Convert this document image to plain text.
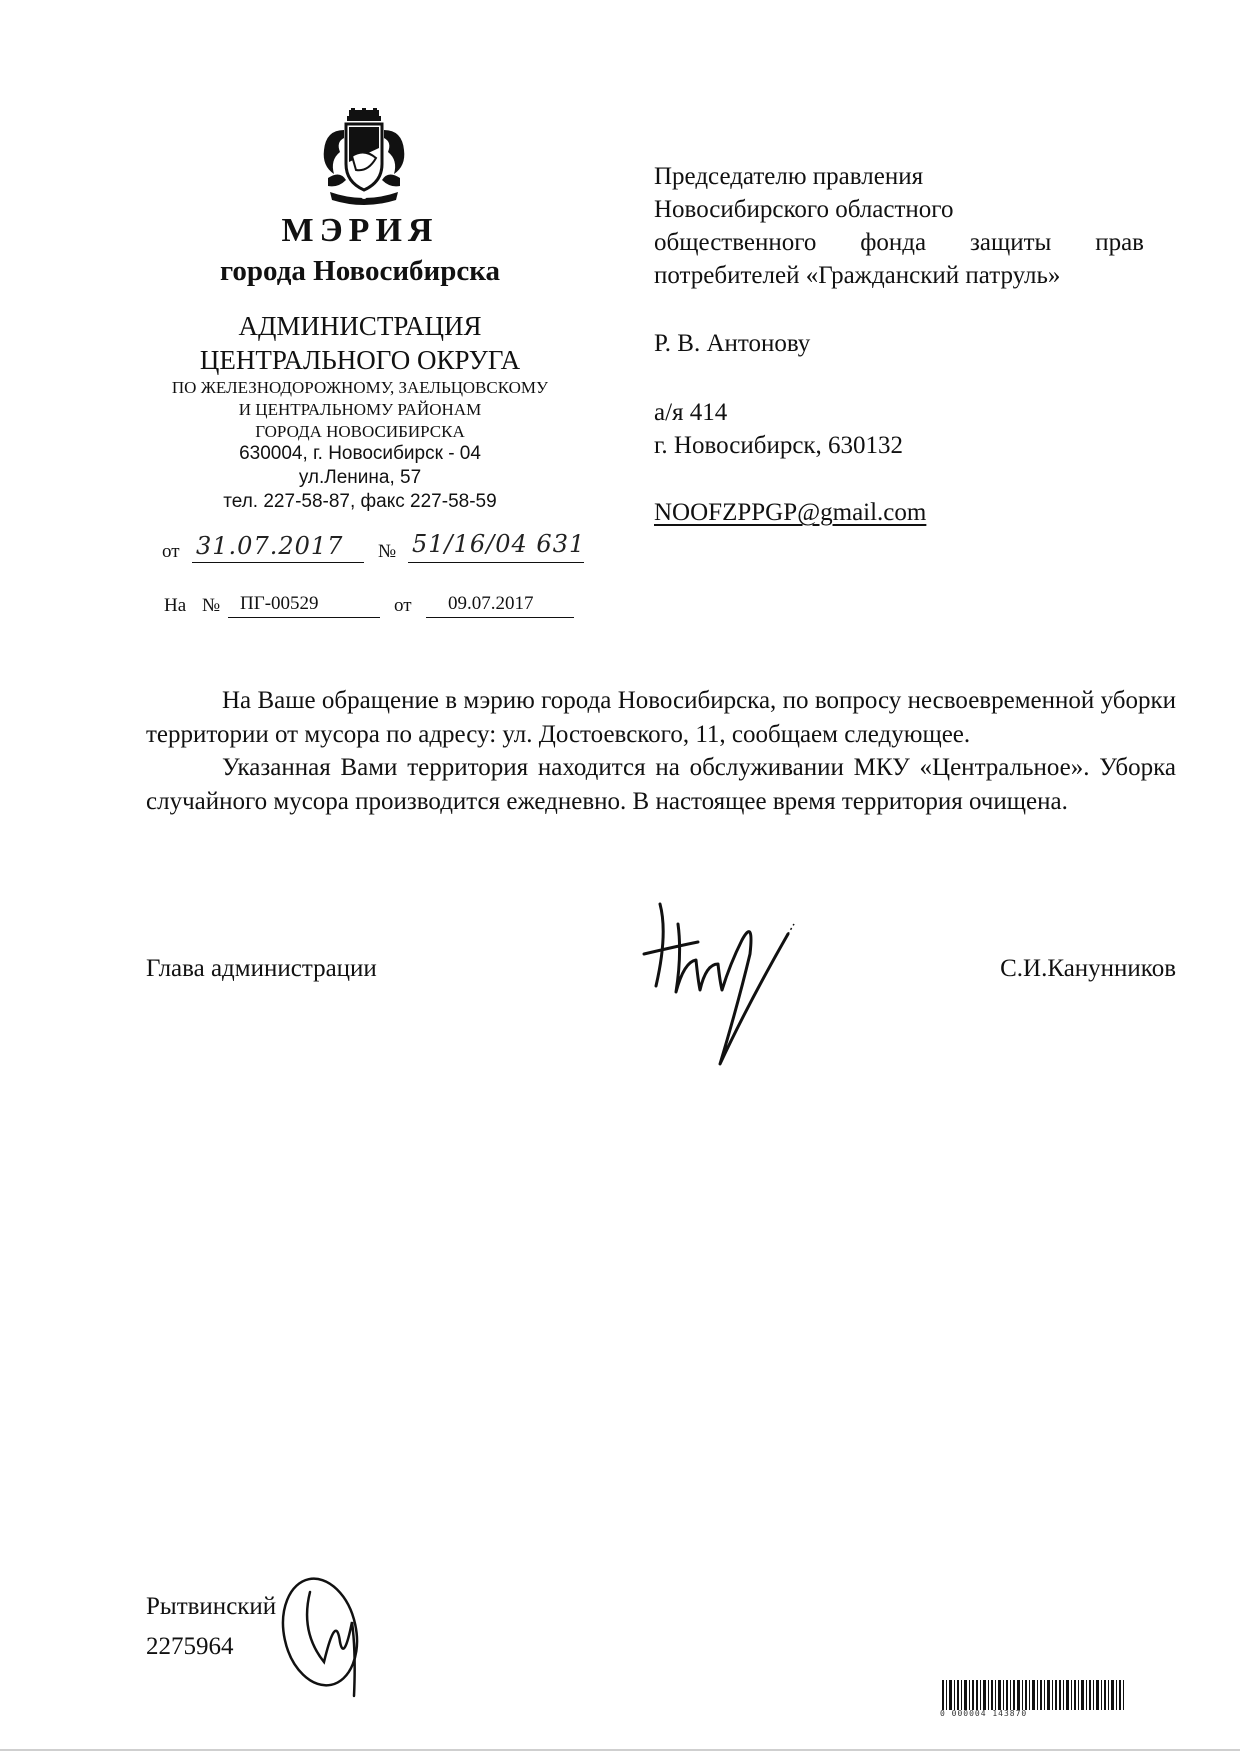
МЭРИЯ
города Новосибирска
АДМИНИСТРАЦИЯ
ЦЕНТРАЛЬНОГО ОКРУГА
ПО ЖЕЛЕЗНОДОРОЖНОМУ, ЗАЕЛЬЦОВСКОМУ
И ЦЕНТРАЛЬНОМУ РАЙОНАМ
ГОРОДА НОВОСИБИРСКА
630004, г. Новосибирск - 04
ул.Ленина, 57
тел. 227-58-87, факс 227-58-59
от 31.07.2017 № 51/16/04 631
На № ПГ-00529	от 09.07.2017
Председателю правления
Новосибирского областного
общественного фонда защиты прав
потребителей «Гражданский патруль»
Р. В. Антонову
а/я 414
г. Новосибирск, 630132
NOOFZPPGP@gmail.com

На Ваше обращение в мэрию города Новосибирска, по вопросу несвоевременной уборки территории от мусора по адресу: ул. Достоевского, 11, сообщаем следующее.

Указанная Вами территория находится на обслуживании МКУ «Центральное». Уборка случайного мусора производится ежедневно. В настоящее время территория очищена.

Глава администрации	С.И.Канунников
Рытвинский
2275964
0 000004 143870
